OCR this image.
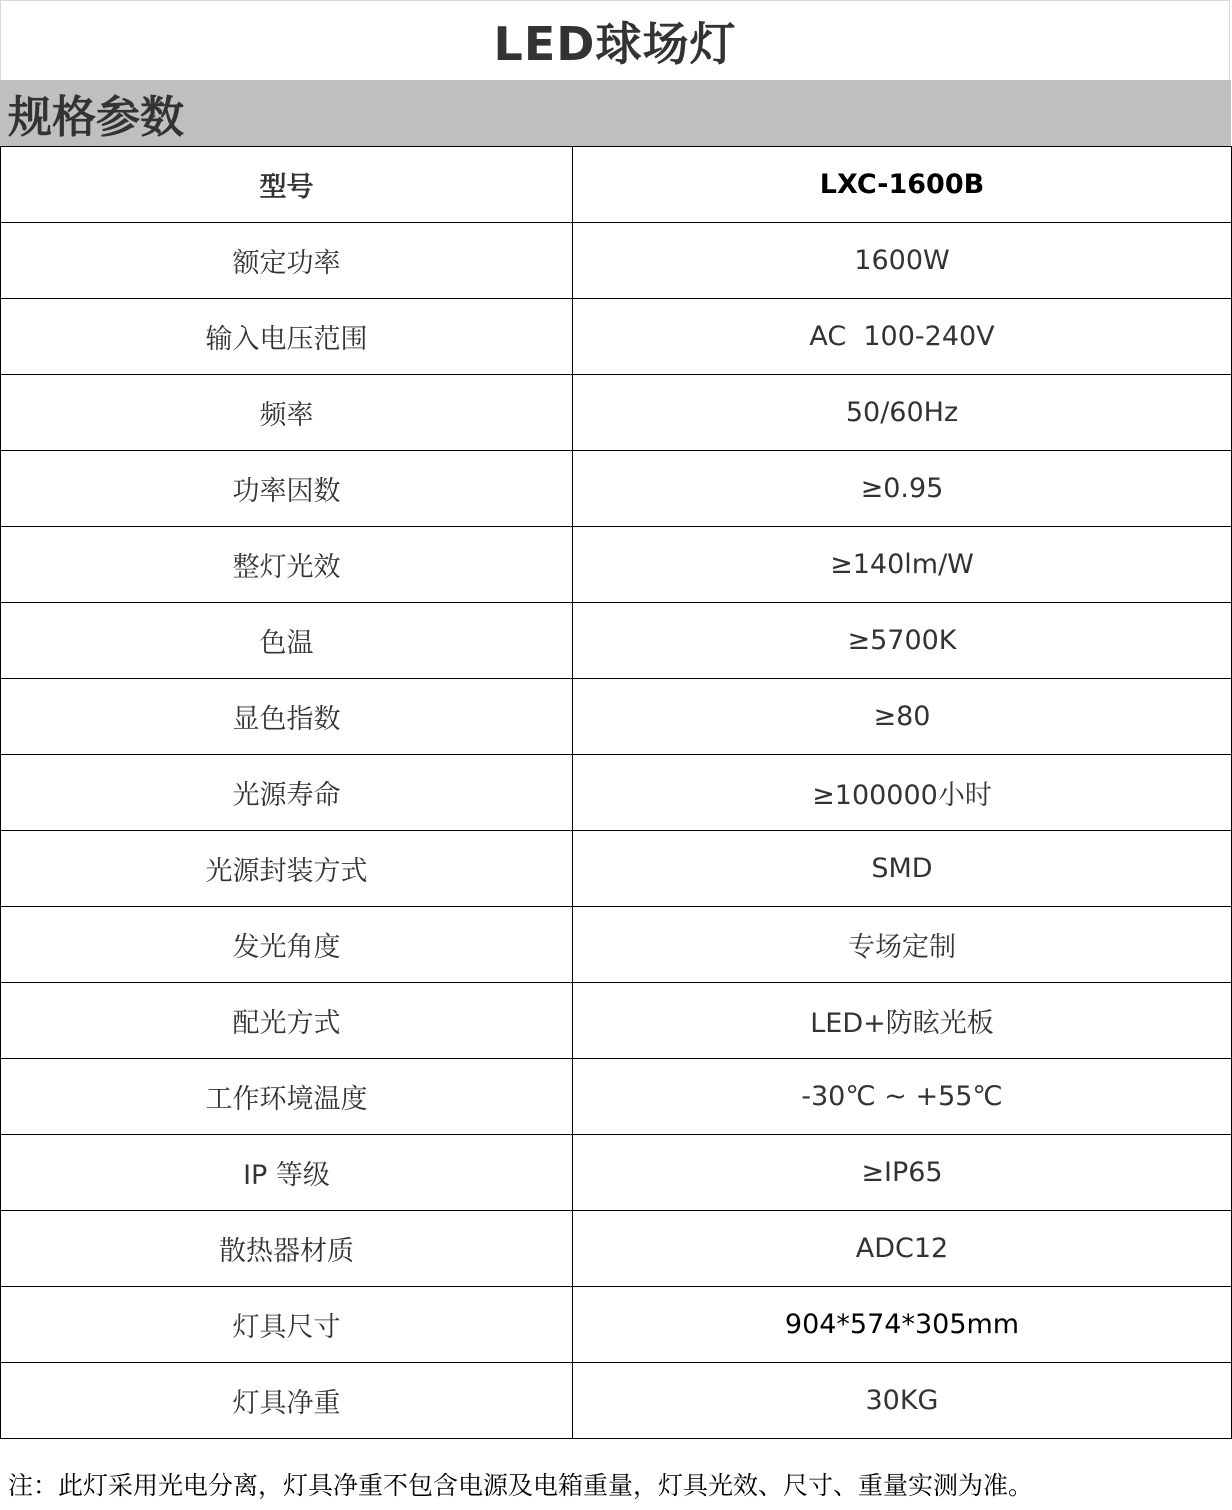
LED球场灯
规格参数
型号	LXC-1600B
额定功率	1600W
输入电压范围	AC  100-240V
频率	50/60Hz
功率因数	≥0.95
整灯光效	≥140lm/W
色温	≥5700K
显色指数	≥80
光源寿命	≥100000小时
光源封装方式	SMD
发光角度	专场定制
配光方式	LED+防眩光板
工作环境温度	-30℃ ~ +55℃
IP 等级	≥IP65
散热器材质	ADC12
灯具尺寸	904*574*305mm
灯具净重	30KG
注：此灯采用光电分离，灯具净重不包含电源及电箱重量，灯具光效、尺寸、重量实测为准。
